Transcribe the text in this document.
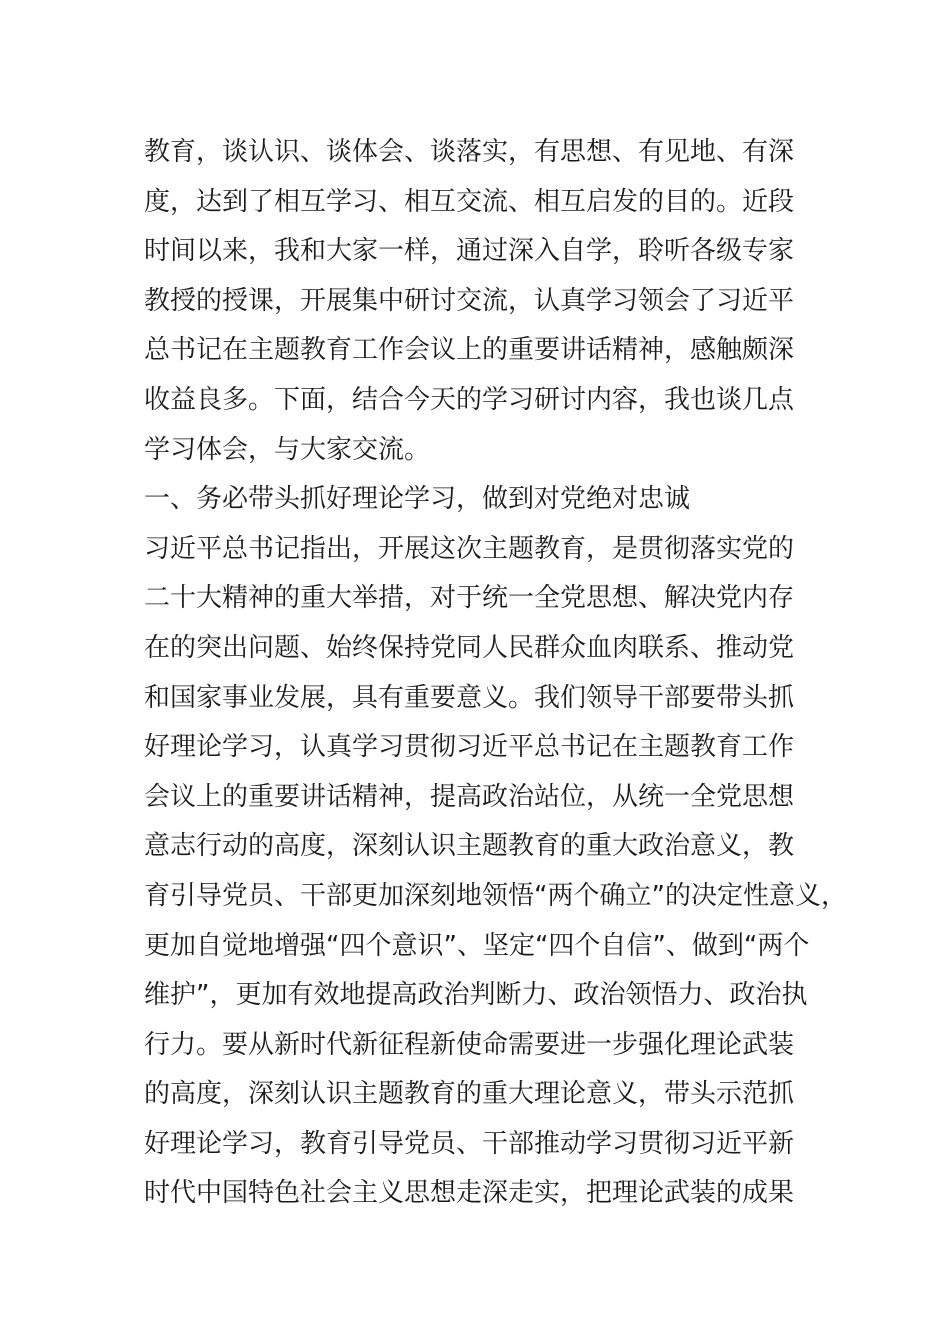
教育，谈认识、谈体会、谈落实，有思想、有见地、有深

度，达到了相互学习、相互交流、相互启发的目的。近段

时间以来，我和大家一样，通过深入自学，聆听各级专家

教授的授课，开展集中研讨交流，认真学习领会了习近平

总书记在主题教育工作会议上的重要讲话精神，感触颇深

收益良多。下面，结合今天的学习研讨内容，我也谈几点

学习体会，与大家交流。

一、务必带头抓好理论学习，做到对党绝对忠诚

习近平总书记指出，开展这次主题教育，是贯彻落实党的

二十大精神的重大举措，对于统一全党思想、解决党内存

在的突出问题、始终保持党同人民群众血肉联系、推动党

和国家事业发展，具有重要意义。我们领导干部要带头抓

好理论学习，认真学习贯彻习近平总书记在主题教育工作

会议上的重要讲话精神，提高政治站位，从统一全党思想

意志行动的高度，深刻认识主题教育的重大政治意义，教

育引导党员、干部更加深刻地领悟“两个确立”的决定性意义，

更加自觉地增强“四个意识”、坚定“四个自信”、做到“两个

维护”，更加有效地提高政治判断力、政治领悟力、政治执

行力。要从新时代新征程新使命需要进一步强化理论武装

的高度，深刻认识主题教育的重大理论意义，带头示范抓

好理论学习，教育引导党员、干部推动学习贯彻习近平新

时代中国特色社会主义思想走深走实，把理论武装的成果
